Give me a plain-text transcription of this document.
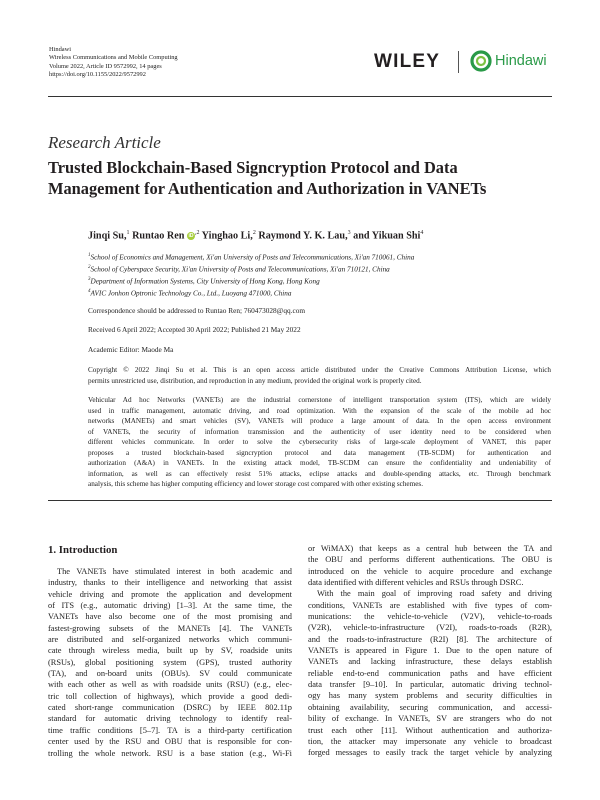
Hindawi
Wireless Communications and Mobile Computing
Volume 2022, Article ID 9572992, 14 pages
https://doi.org/10.1155/2022/9572992
WILEY	Hindawi
Research Article
Trusted Blockchain-Based Signcryption Protocol and Data
Management for Authentication and Authorization in VANETs
Jinqi Su,$^1$ Runtao Ren $iD^{,2}$ Yinghao Li,$^2$ Raymond Y. K. Lau,$^3$ and Yikuan Shi$^4$
$^1$School of Economics and Management, Xi'an University of Posts and Telecommunications, Xi'an 710061, China
$^2$School of Cyberspace Security, Xi'an University of Posts and Telecommunications, Xi'an 710121, China
$^3$Department of Information Systems, City University of Hong Kong, Hong Kong
$^4$AVIC Jonhon Optronic Technology Co., Ltd., Luoyang 471000, China
Correspondence should be addressed to Runtao Ren; 760473028@qq.com
Received 6 April 2022; Accepted 30 April 2022; Published 21 May 2022
Academic Editor: Maode Ma
Copyright © 2022 Jinqi Su et al. This is an open access article distributed under the Creative Commons Attribution License, which
permits unrestricted use, distribution, and reproduction in any medium, provided the original work is properly cited.
Vehicular Ad hoc Networks (VANETs) are the industrial cornerstone of intelligent transportation system (ITS), which are widely
used in traffic management, automatic driving, and road optimization. With the expansion of the scale of the mobile ad hoc
networks (MANETs) and smart vehicles (SV), VANETs will produce a large amount of data. In the open access environment
of VANETs, the security of information transmission and the authenticity of user identity need to be considered when
different vehicles communicate. In order to solve the cybersecurity risks of large-scale deployment of VANET, this paper
proposes a trusted blockchain-based signcryption protocol and data management (TB-SCDM) for authentication and
authorization (A&A) in VANETs. In the existing attack model, TB-SCDM can ensure the confidentiality and undeniability of
information, as well as can effectively resist 51% attacks, eclipse attacks and double-spending attacks, etc. Through benchmark
analysis, this scheme has higher computing efficiency and lower storage cost compared with other existing schemes.
1. Introduction
The VANETs have stimulated interest in both academic and
industry, thanks to their intelligence and networking that assist
vehicle driving and promote the application and development
of ITS (e.g., automatic driving) [1–3]. At the same time, the
VANETs have also become one of the most promising and
fastest-growing subsets of the MANETs [4]. The VANETs
are distributed and self-organized networks which communi-
cate through wireless media, built up by SV, roadside units
(RSUs), global positioning system (GPS), trusted authority
(TA), and on-board units (OBUs). SV could communicate
with each other as well as with roadside units (RSU) (e.g., elec-
tric toll collection of highways), which provide a good dedi-
cated short-range communication (DSRC) by IEEE 802.11p
standard for automatic driving technology to identify real-
time traffic conditions [5–7]. TA is a third-party certification
center used by the RSU and OBU that is responsible for con-
trolling the whole network. RSU is a base station (e.g., Wi-Fi
or WiMAX) that keeps as a central hub between the TA and
the OBU and performs different authentications. The OBU is
introduced on the vehicle to acquire procedure and exchange
data identified with different vehicles and RSUs through DSRC.
With the main goal of improving road safety and driving
conditions, VANETs are established with five types of com-
munications: the vehicle-to-vehicle (V2V), vehicle-to-roads
(V2R), vehicle-to-infrastructure (V2I), roads-to-roads (R2R),
and the roads-to-infrastructure (R2I) [8]. The architecture of
VANETs is appeared in Figure 1. Due to the open nature of
VANETs and lacking infrastructure, these delays establish
reliable end-to-end communication paths and have efficient
data transfer [9–10]. In particular, automatic driving technol-
ogy has many system problems and security difficulties in
obtaining availability, securing communication, and accessi-
bility of exchange. In VANETs, SV are strangers who do not
trust each other [11]. Without authentication and authoriza-
tion, the attacker may impersonate any vehicle to broadcast
forged messages to easily track the target vehicle by analyzing
